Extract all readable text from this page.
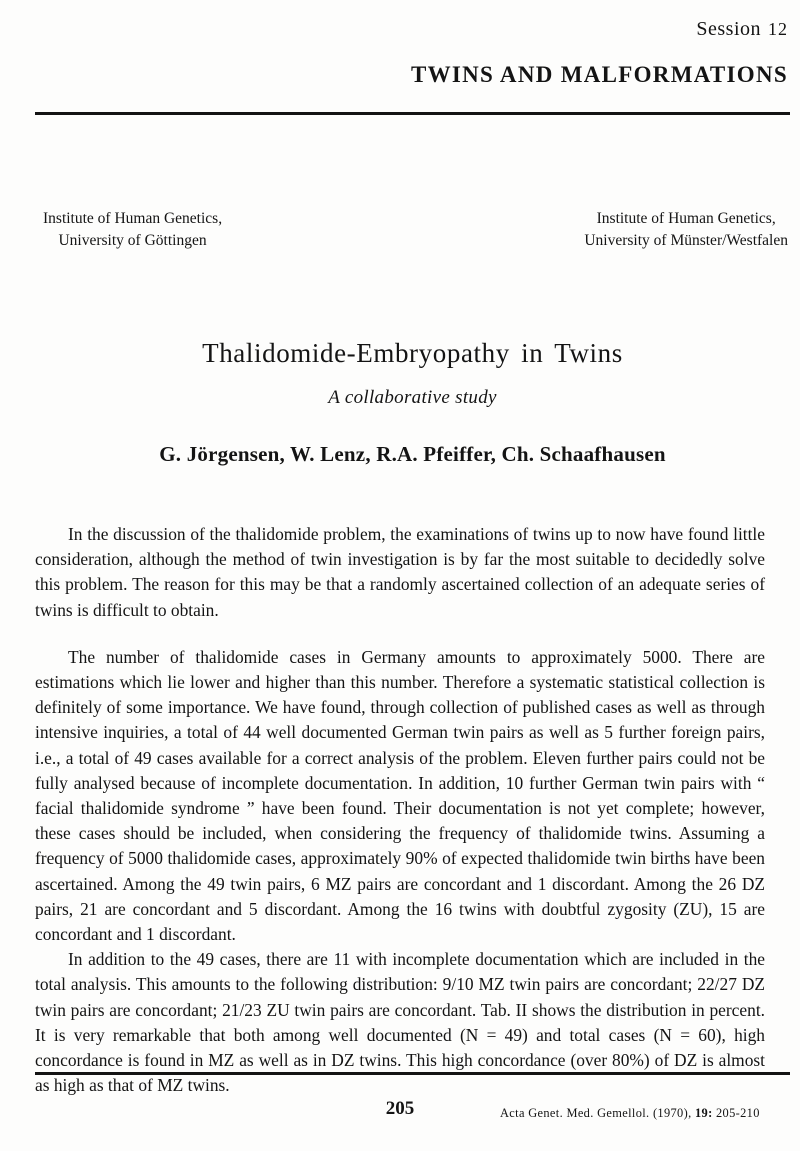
Session 12
TWINS AND MALFORMATIONS
Institute of Human Genetics,
University of Göttingen
Institute of Human Genetics,
University of Münster/Westfalen
Thalidomide-Embryopathy in Twins
A collaborative study
G. Jörgensen, W. Lenz, R.A. Pfeiffer, Ch. Schaafhausen

In the discussion of the thalidomide problem, the examinations of twins up to now have found little consideration, although the method of twin investigation is by far the most suitable to decidedly solve this problem. The reason for this may be that a randomly ascertained collection of an adequate series of twins is difficult to obtain.

The number of thalidomide cases in Germany amounts to approximately 5000. There are estimations which lie lower and higher than this number. Therefore a systematic statistical collection is definitely of some importance. We have found, through collection of published cases as well as through intensive inquiries, a total of 44 well documented German twin pairs as well as 5 further foreign pairs, i.e., a total of 49 cases available for a correct analysis of the problem. Eleven further pairs could not be fully analysed because of incomplete documentation. In addition, 10 further German twin pairs with “ facial thalidomide syndrome ” have been found. Their documentation is not yet complete; however, these cases should be included, when considering the frequency of thalidomide twins. Assuming a frequency of 5000 thalidomide cases, approximately 90% of expected thalidomide twin births have been ascertained. Among the 49 twin pairs, 6 MZ pairs are concordant and 1 discordant. Among the 26 DZ pairs, 21 are concordant and 5 discordant. Among the 16 twins with doubtful zygosity (ZU), 15 are concordant and 1 discordant.

In addition to the 49 cases, there are 11 with incomplete documentation which are included in the total analysis. This amounts to the following distribution: 9/10 MZ twin pairs are concordant; 22/27 DZ twin pairs are concordant; 21/23 ZU twin pairs are concordant. Tab. II shows the distribution in percent. It is very remarkable that both among well documented (N = 49) and total cases (N = 60), high concordance is found in MZ as well as in DZ twins. This high concordance (over 80%) of DZ is almost as high as that of MZ twins.

205	Acta Genet. Med. Gemellol. (1970), 19: 205-210
